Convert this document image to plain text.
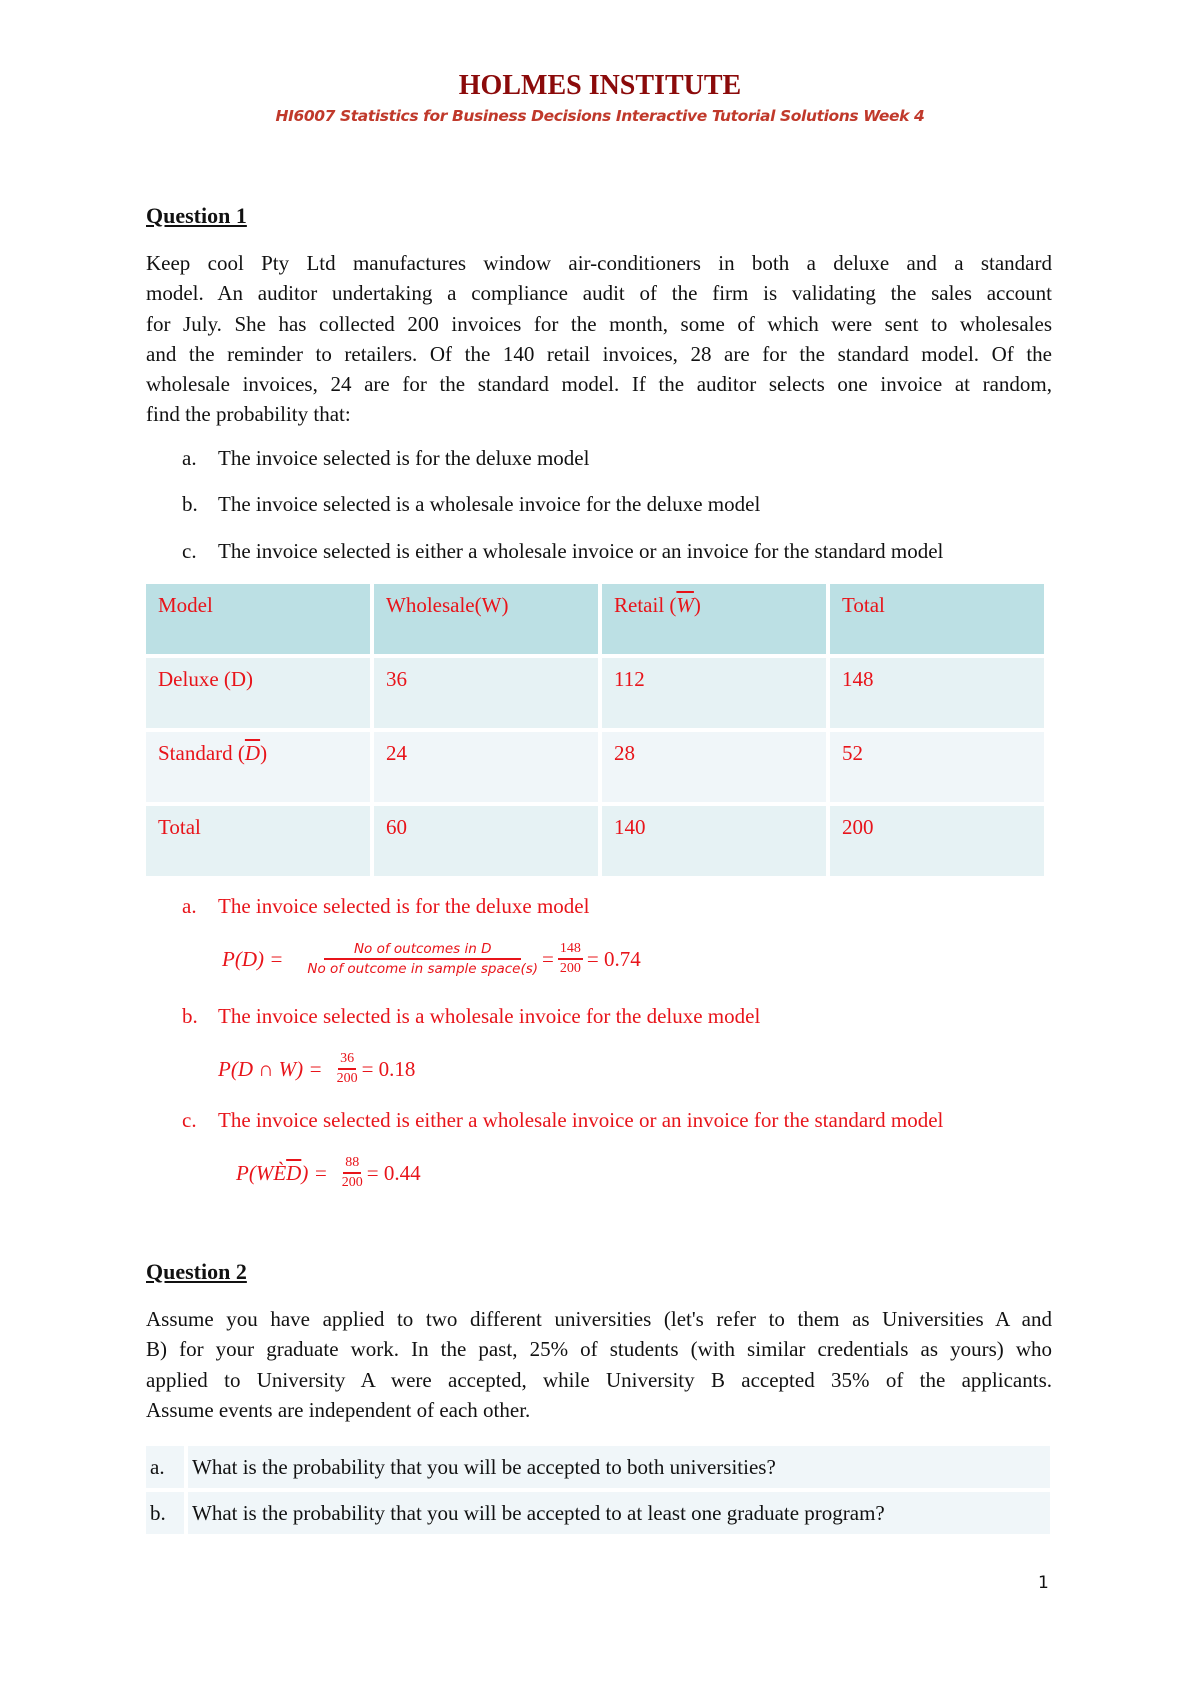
HOLMES INSTITUTE
HI6007 Statistics for Business Decisions Interactive Tutorial Solutions Week 4
Question 1
Keep cool Pty Ltd manufactures window air-conditioners in both a deluxe and a standard
model. An auditor undertaking a compliance audit of the firm is validating the sales account
for July. She has collected 200 invoices for the month, some of which were sent to wholesales
and the reminder to retailers. Of the 140 retail invoices, 28 are for the standard model. Of the
wholesale invoices, 24 are for the standard model. If the auditor selects one invoice at random,
find the probability that:
a. The invoice selected is for the deluxe model
b. The invoice selected is a wholesale invoice for the deluxe model
c. The invoice selected is either a wholesale invoice or an invoice for the standard model
Model	Wholesale(W)	Retail $(\overline{W})$	Total
Deluxe (D)	36	112	148
Standard $(\overline{D})$	24	28	52
Total	60	140	200
a. The invoice selected is for the deluxe model
$P(D) = \frac{\text{No of outcomes in D}}{\text{No of outcome in sample space(s)}} = \frac{148}{200} = 0.74$
b. The invoice selected is a wholesale invoice for the deluxe model
P(D ∩ $W) = \frac{36}{200} = 0.18$
c. The invoice selected is either a wholesale invoice or an invoice for the standard model
P(WÈ $\overline{D}$ ) = $\frac{88}{200} = 0.44$
Question 2
Assume you have applied to two different universities (let's refer to them as Universities A and
B) for your graduate work. In the past, 25% of students (with similar credentials as yours) who
applied to University A were accepted, while University B accepted 35% of the applicants.
Assume events are independent of each other.
a.	What is the probability that you will be accepted to both universities?
b.	What is the probability that you will be accepted to at least one graduate program?
1
